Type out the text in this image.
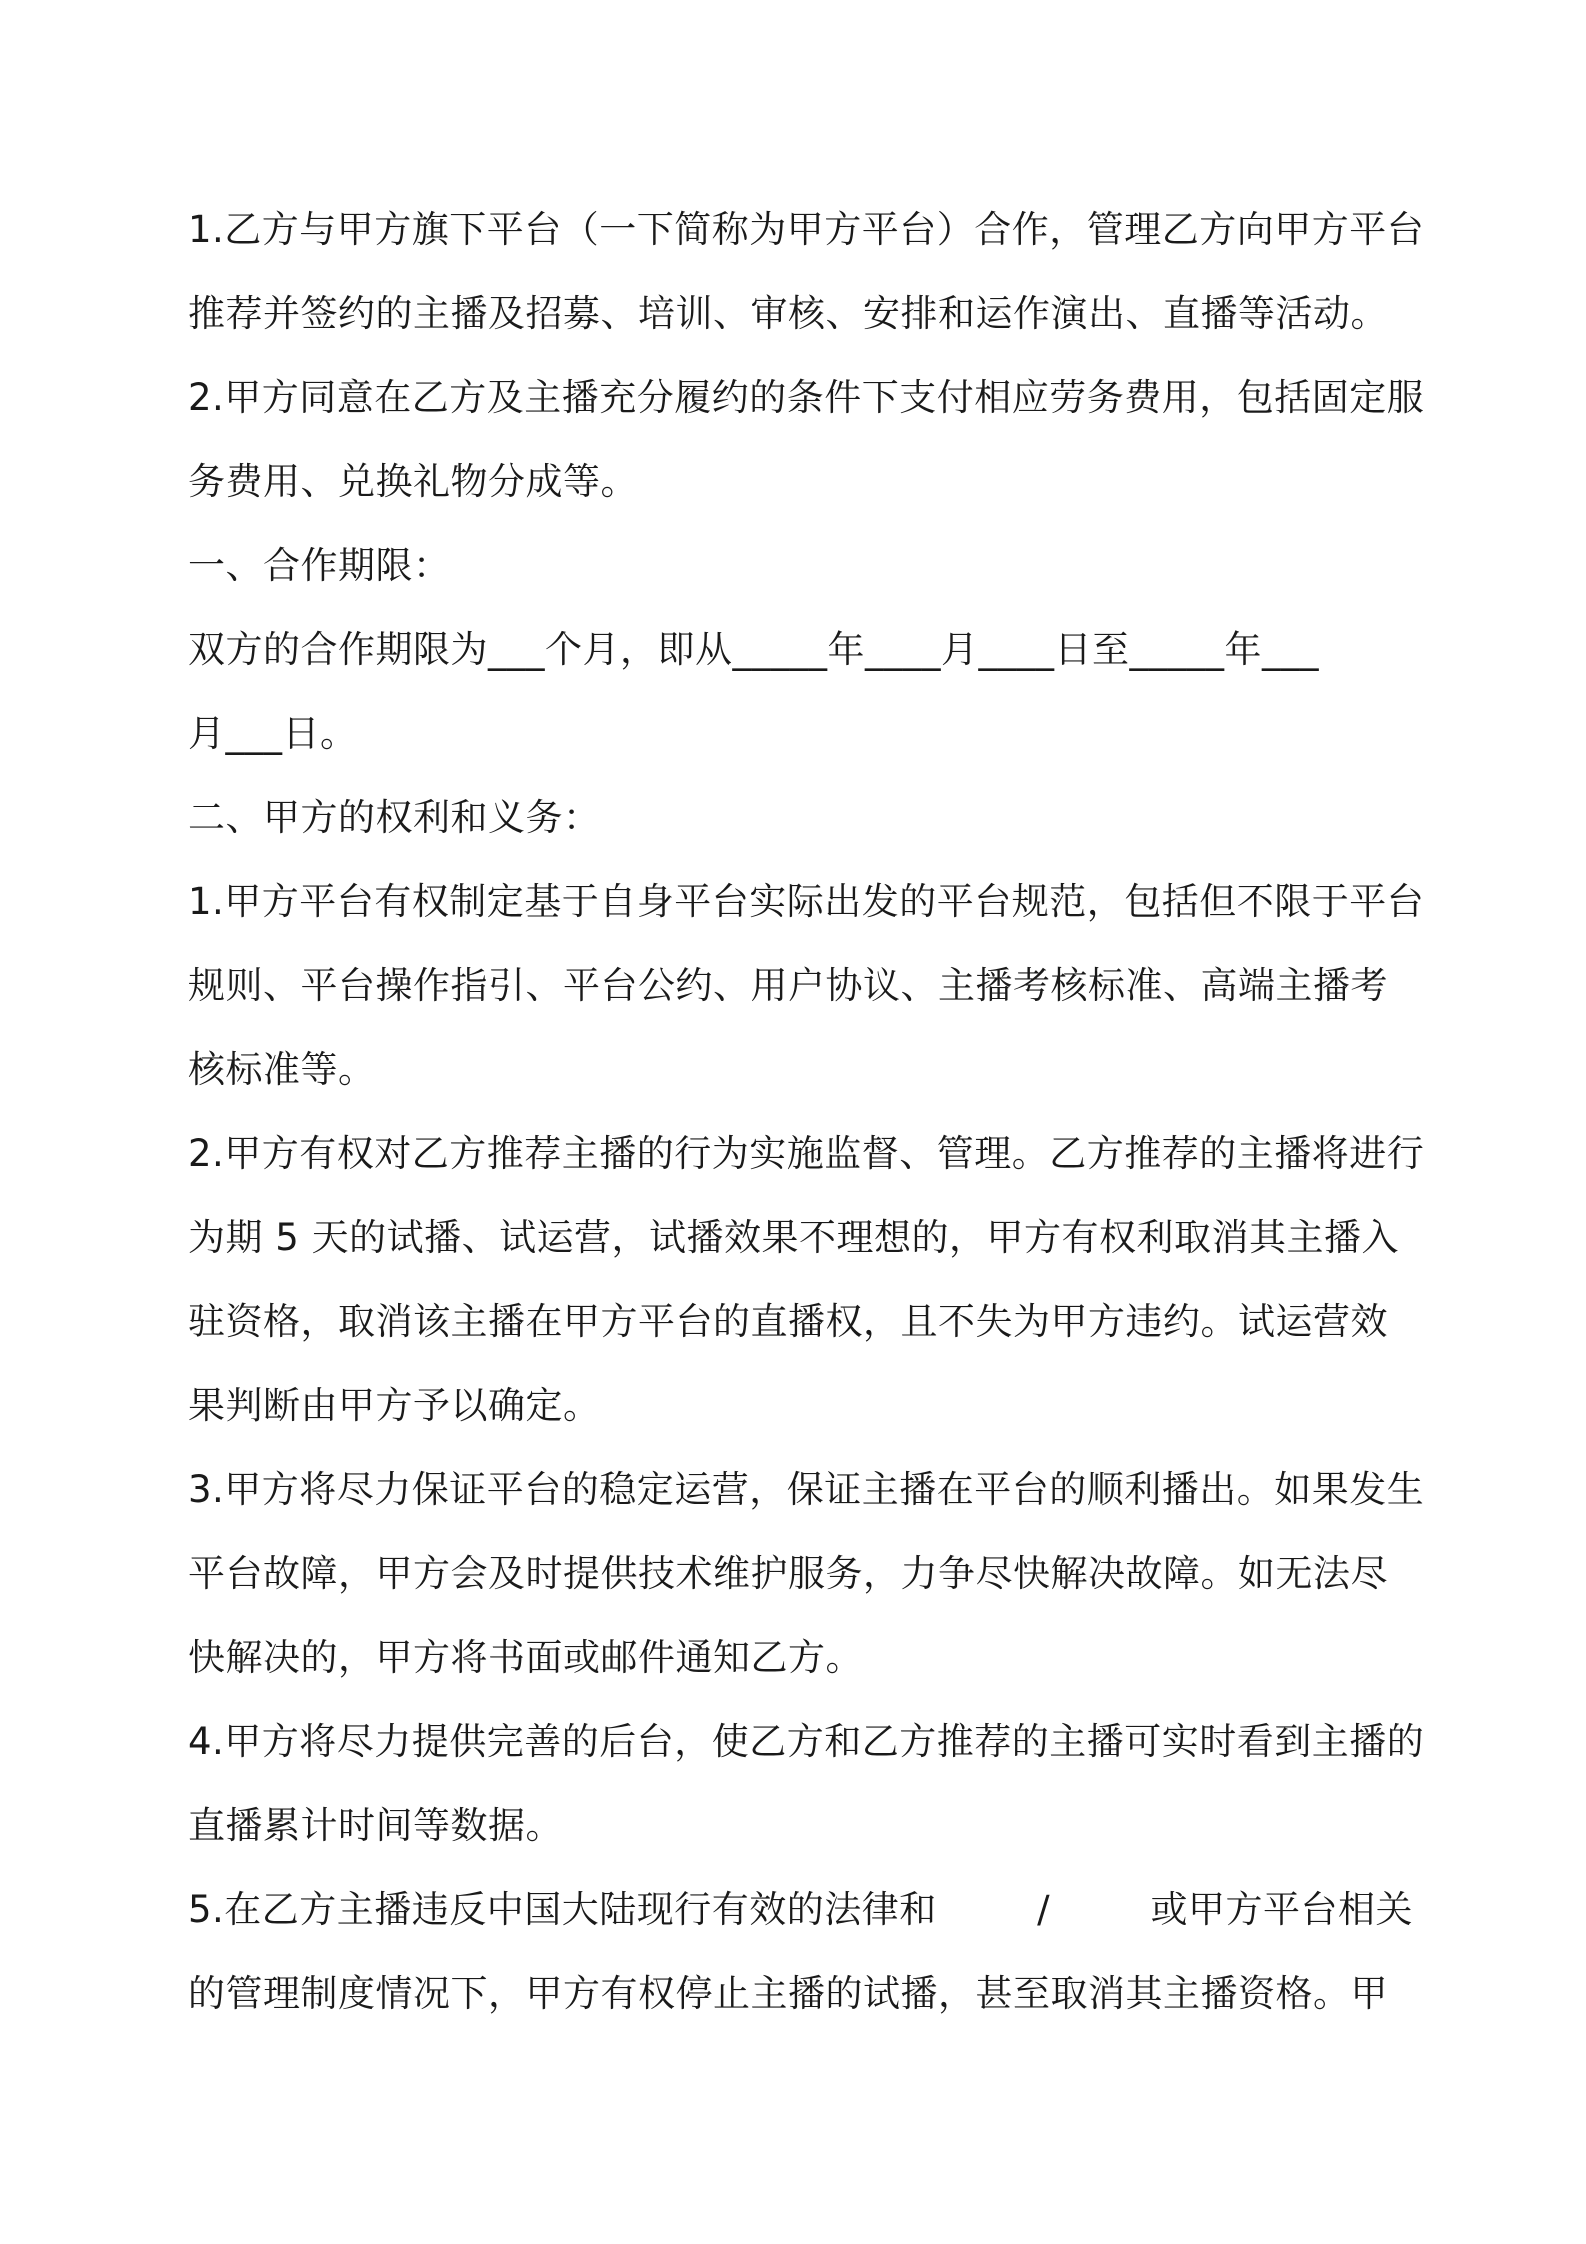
1.乙方与甲方旗下平台（一下简称为甲方平台）合作，管理乙方向甲方平台
推荐并签约的主播及招募、培训、审核、安排和运作演出、直播等活动。
2.甲方同意在乙方及主播充分履约的条件下支付相应劳务费用，包括固定服
务费用、兑换礼物分成等。
一、合作期限：
双方的合作期限为___个月，即从_____年____月____日至_____年___
月___日。
二、甲方的权利和义务：
1.甲方平台有权制定基于自身平台实际出发的平台规范，包括但不限于平台
规则、平台操作指引、平台公约、用户协议、主播考核标准、高端主播考
核标准等。
2.甲方有权对乙方推荐主播的行为实施监督、管理。乙方推荐的主播将进行
为期 5 天的试播、试运营，试播效果不理想的，甲方有权利取消其主播入
驻资格，取消该主播在甲方平台的直播权，且不失为甲方违约。试运营效
果判断由甲方予以确定。
3.甲方将尽力保证平台的稳定运营，保证主播在平台的顺利播出。如果发生
平台故障，甲方会及时提供技术维护服务，力争尽快解决故障。如无法尽
快解决的，甲方将书面或邮件通知乙方。
4.甲方将尽力提供完善的后台，使乙方和乙方推荐的主播可实时看到主播的
直播累计时间等数据。
5.在乙方主播违反中国大陆现行有效的法律和	/	或甲方平台相关
的管理制度情况下，甲方有权停止主播的试播，甚至取消其主播资格。甲
